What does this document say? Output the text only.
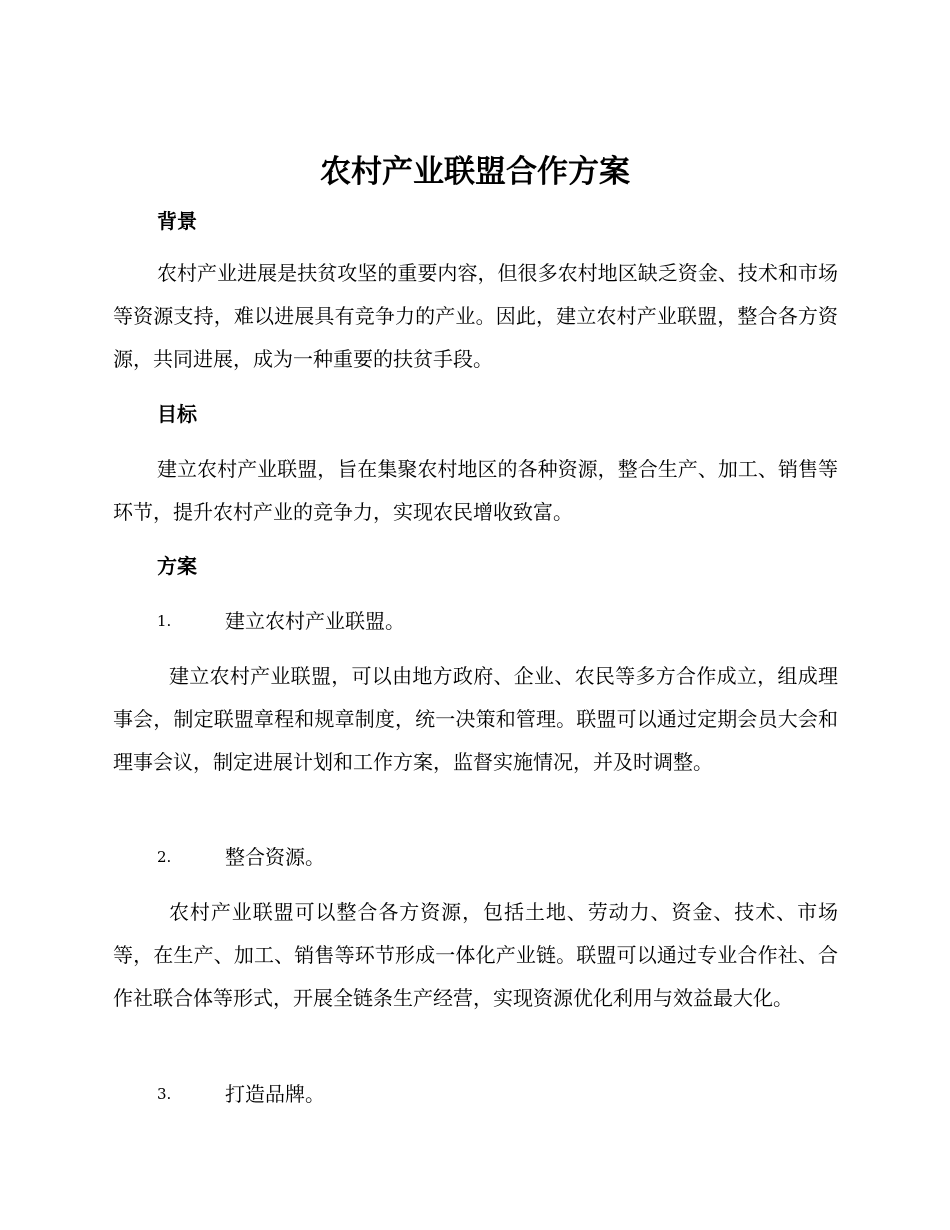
农村产业联盟合作方案
背景
农村产业进展是扶贫攻坚的重要内容，但很多农村地区缺乏资金、技术和市场等资源支持，难以进展具有竞争力的产业。因此，建立农村产业联盟，整合各方资源，共同进展，成为一种重要的扶贫手段。
目标
建立农村产业联盟，旨在集聚农村地区的各种资源，整合生产、加工、销售等环节，提升农村产业的竞争力，实现农民增收致富。
方案
1.	建立农村产业联盟。
建立农村产业联盟，可以由地方政府、企业、农民等多方合作成立，组成理事会，制定联盟章程和规章制度，统一决策和管理。联盟可以通过定期会员大会和理事会议，制定进展计划和工作方案，监督实施情况，并及时调整。
2.	整合资源。
农村产业联盟可以整合各方资源，包括土地、劳动力、资金、技术、市场等，在生产、加工、销售等环节形成一体化产业链。联盟可以通过专业合作社、合作社联合体等形式，开展全链条生产经营，实现资源优化利用与效益最大化。
3.	打造品牌。
